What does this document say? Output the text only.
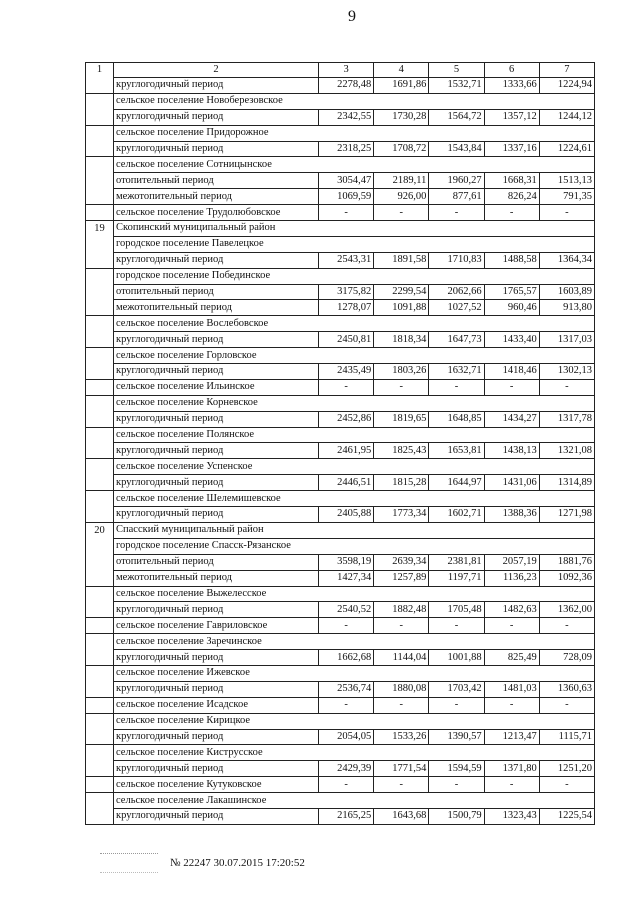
9
1	2	3	4	5	6	7
	круглогодичный период	2278,48	1691,86	1532,71	1333,66	1224,94
	сельское поселение Новоберезовское					
	круглогодичный период	2342,55	1730,28	1564,72	1357,12	1244,12
	сельское поселение Придорожное					
	круглогодичный период	2318,25	1708,72	1543,84	1337,16	1224,61
	сельское поселение Сотницынское					
	отопительный период	3054,47	2189,11	1960,27	1668,31	1513,13
	межотопительный период	1069,59	926,00	877,61	826,24	791,35
	сельское поселение Трудолюбовское	-	-	-	-	-
19	Скопинский муниципальный район					
	городское поселение Павелецкое					
	круглогодичный период	2543,31	1891,58	1710,83	1488,58	1364,34
	городское поселение Побединское					
	отопительный период	3175,82	2299,54	2062,66	1765,57	1603,89
	межотопительный период	1278,07	1091,88	1027,52	960,46	913,80
	сельское поселение Вослебовское					
	круглогодичный период	2450,81	1818,34	1647,73	1433,40	1317,03
	сельское поселение Горловское					
	круглогодичный период	2435,49	1803,26	1632,71	1418,46	1302,13
	сельское поселение Ильинское	-	-	-	-	-
	сельское поселение Корневское					
	круглогодичный период	2452,86	1819,65	1648,85	1434,27	1317,78
	сельское поселение Полянское					
	круглогодичный период	2461,95	1825,43	1653,81	1438,13	1321,08
	сельское поселение Успенское					
	круглогодичный период	2446,51	1815,28	1644,97	1431,06	1314,89
	сельское поселение Шелемишевское					
	круглогодичный период	2405,88	1773,34	1602,71	1388,36	1271,98
20	Спасский муниципальный район					
	городское поселение Спасск-Рязанское					
	отопительный период	3598,19	2639,34	2381,81	2057,19	1881,76
	межотопительный период	1427,34	1257,89	1197,71	1136,23	1092,36
	сельское поселение Выжелесское					
	круглогодичный период	2540,52	1882,48	1705,48	1482,63	1362,00
	сельское поселение Гавриловское	-	-	-	-	-
	сельское поселение Заречинское					
	круглогодичный период	1662,68	1144,04	1001,88	825,49	728,09
	сельское поселение Ижевское					
	круглогодичный период	2536,74	1880,08	1703,42	1481,03	1360,63
	сельское поселение Исадское	-	-	-	-	-
	сельское поселение Кирицкое					
	круглогодичный период	2054,05	1533,26	1390,57	1213,47	1115,71
	сельское поселение Киструсское					
	круглогодичный период	2429,39	1771,54	1594,59	1371,80	1251,20
	сельское поселение Кутуковское	-	-	-	-	-
	сельское поселение Лакашинское					
	круглогодичный период	2165,25	1643,68	1500,79	1323,43	1225,54
№ 22247 30.07.2015 17:20:52
